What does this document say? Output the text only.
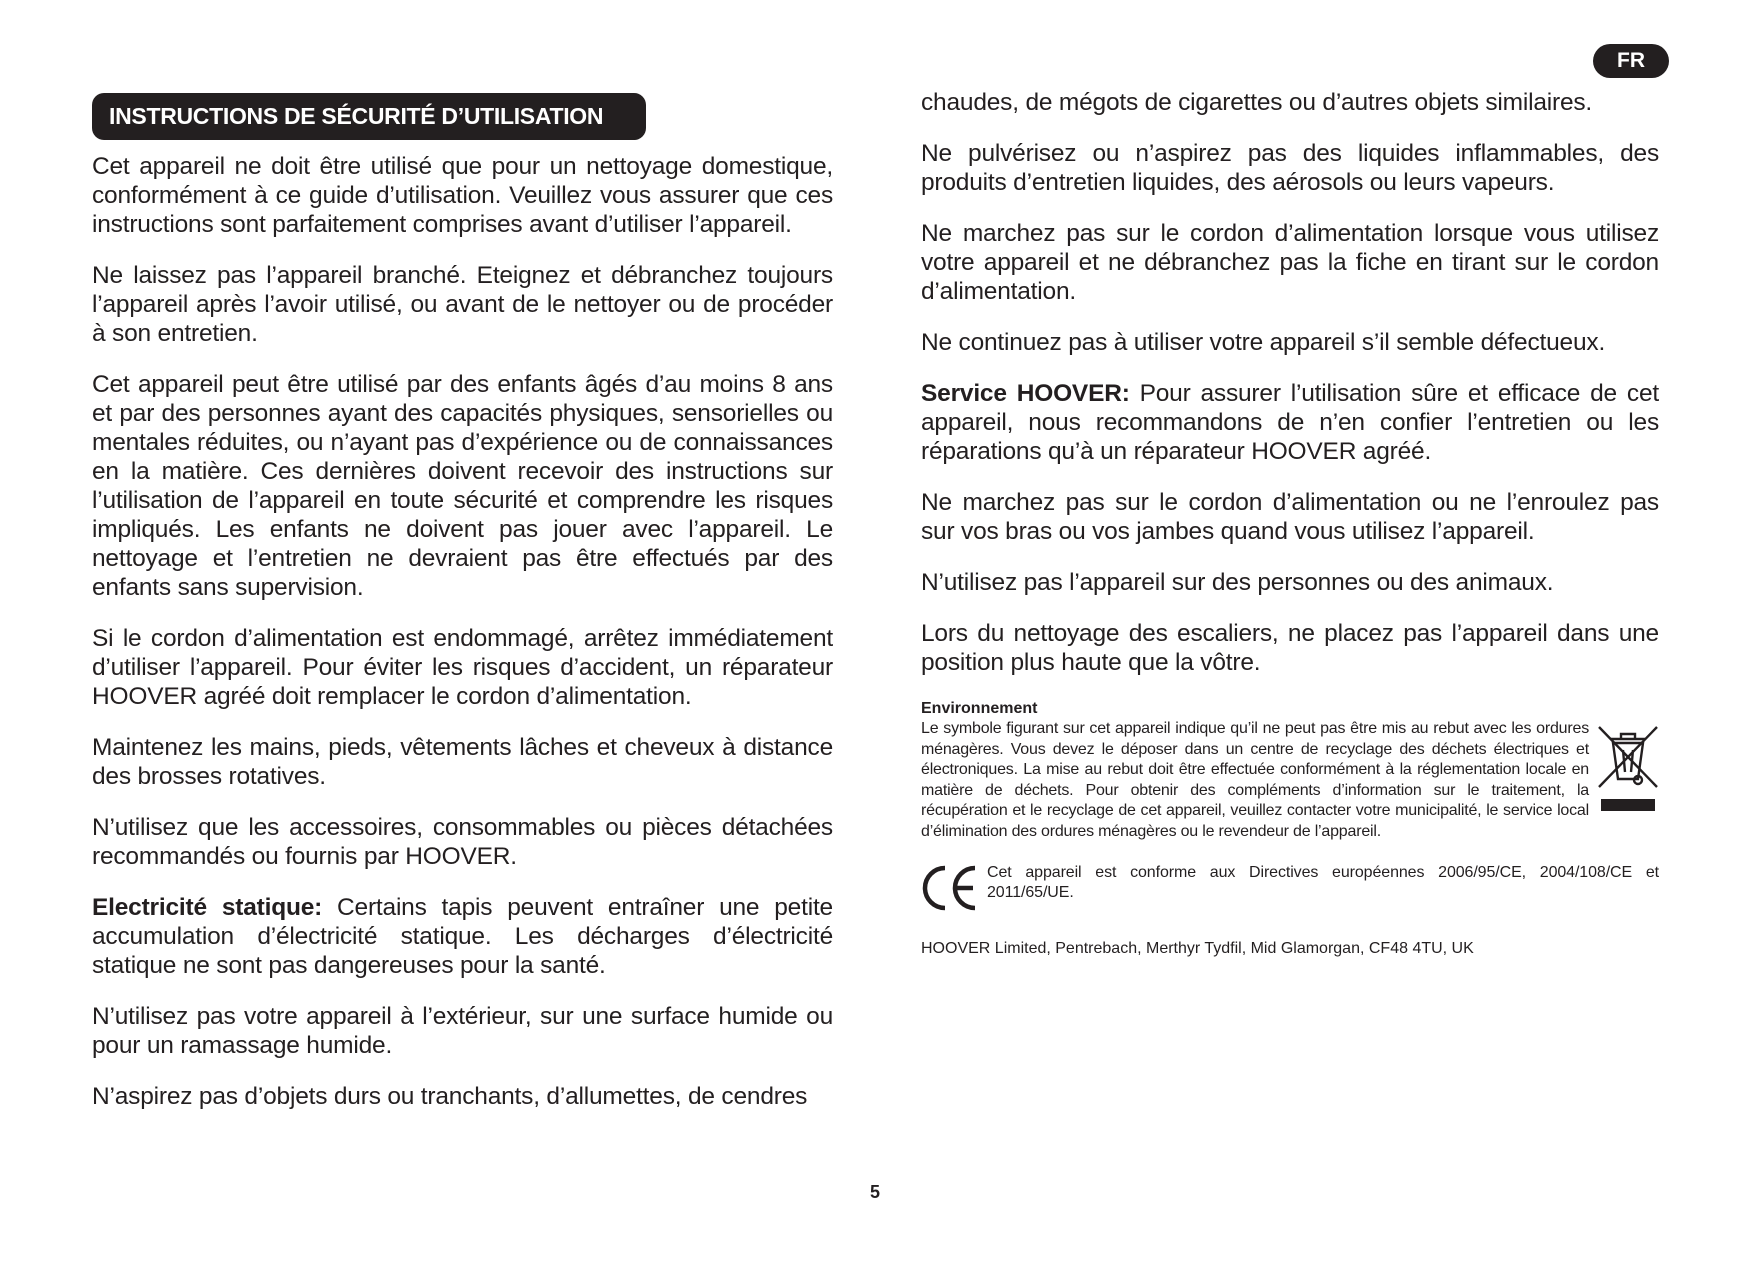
FR
INSTRUCTIONS DE SÉCURITÉ D’UTILISATION

Cet appareil ne doit être utilisé que pour un nettoyage domestique, conformément à ce guide d’utilisation. Veuillez vous assurer que ces instructions sont parfaitement comprises avant d’utiliser l’appareil.

Ne laissez pas l’appareil branché. Eteignez et débranchez toujours l’appareil après l’avoir utilisé, ou avant de le nettoyer ou de procéder à son entretien.

Cet appareil peut être utilisé par des enfants âgés d’au moins 8 ans et par des personnes ayant des capacités physiques, sensorielles ou mentales réduites, ou n’ayant pas d’expérience ou de connaissances en la matière. Ces dernières doivent recevoir des instructions sur l’utilisation de l’appareil en toute sécurité et comprendre les risques impliqués. Les enfants ne doivent pas jouer avec l’appareil. Le nettoyage et l’entretien ne devraient pas être effectués par des enfants sans supervision.

Si le cordon d’alimentation est endommagé, arrêtez immédiatement d’utiliser l’appareil. Pour éviter les risques d’accident, un réparateur HOOVER agréé doit remplacer le cordon d’alimentation.

Maintenez les mains, pieds, vêtements lâches et cheveux à distance des brosses rotatives.

N’utilisez que les accessoires, consommables ou pièces détachées recommandés ou fournis par HOOVER.

Electricité statique: Certains tapis peuvent entraîner une petite accumulation d’électricité statique. Les décharges d’électricité statique ne sont pas dangereuses pour la santé.

N’utilisez pas votre appareil à l’extérieur, sur une surface humide ou pour un ramassage humide.

N’aspirez pas d’objets durs ou tranchants, d’allumettes, de cendres

chaudes, de mégots de cigarettes ou d’autres objets similaires.

Ne pulvérisez ou n’aspirez pas des liquides inflammables, des produits d’entretien liquides, des aérosols ou leurs vapeurs.

Ne marchez pas sur le cordon d’alimentation lorsque vous utilisez votre appareil et ne débranchez pas la fiche en tirant sur le cordon d’alimentation.

Ne continuez pas à utiliser votre appareil s’il semble défectueux.

Service HOOVER: Pour assurer l’utilisation sûre et efficace de cet appareil, nous recommandons de n’en confier l’entretien ou les réparations qu’à un réparateur HOOVER agréé.

Ne marchez pas sur le cordon d’alimentation ou ne l’enroulez pas sur vos bras ou vos jambes quand vous utilisez l’appareil.

N’utilisez pas l’appareil sur des personnes ou des animaux.

Lors du nettoyage des escaliers, ne placez pas l’appareil dans une position plus haute que la vôtre.

Environnement

Le symbole figurant sur cet appareil indique qu’il ne peut pas être mis au rebut avec les ordures ménagères. Vous devez le déposer dans un centre de recyclage des déchets électriques et électroniques. La mise au rebut doit être effectuée conformément à la réglementation locale en matière de déchets. Pour obtenir des compléments d’information sur le traitement, la récupération et le recyclage de cet appareil, veuillez contacter votre municipalité, le service local d’élimination des ordures ménagères ou le revendeur de l’appareil.

Cet appareil est conforme aux Directives européennes 2006/95/CE, 2004/108/CE et 2011/65/UE.

HOOVER Limited, Pentrebach, Merthyr Tydfil, Mid Glamorgan, CF48 4TU, UK
5
